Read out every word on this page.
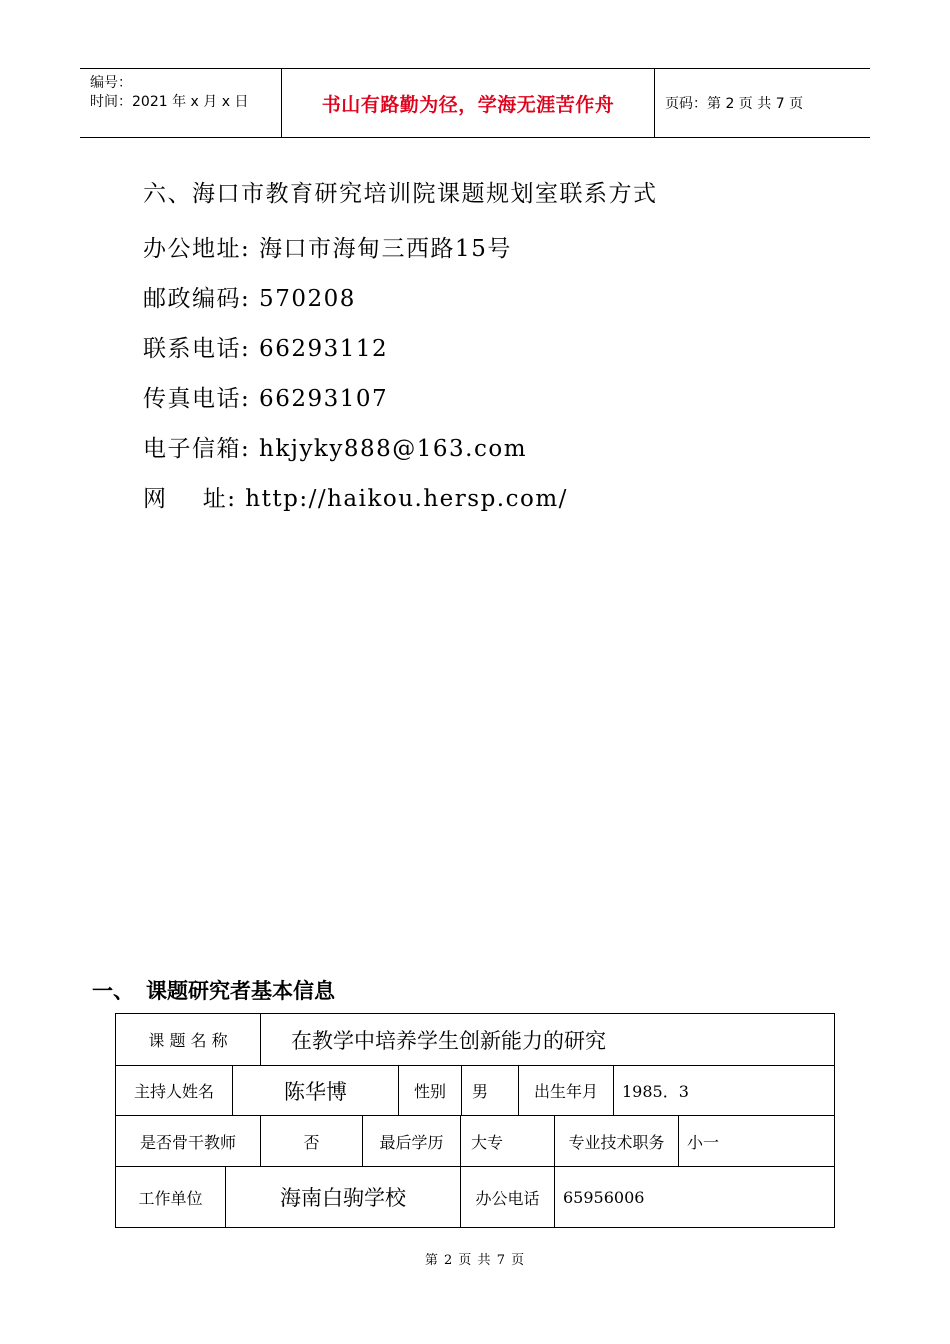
编号：
时间：2021 年 x 月 x 日	书山有路勤为径，学海无涯苦作舟	页码：第 2 页 共 7 页
六、海口市教育研究培训院课题规划室联系方式
办公地址: 海口市海甸三西路15号
邮政编码: 570208
联系电话: 66293112
传真电话: 66293107
电子信箱: hkjyky888@163.com
网    址: http://haikou.hersp.com/
一、 课题研究者基本信息
课 题 名 称	在教学中培养学生创新能力的研究
主持人姓名	陈华博	性别 男	出生年月 1985．3
是否骨干教师	否	最后学历 大专	专业技术职务 小一
工作单位	海南白驹学校	办公电话 65956006
第 2 页 共 7 页
